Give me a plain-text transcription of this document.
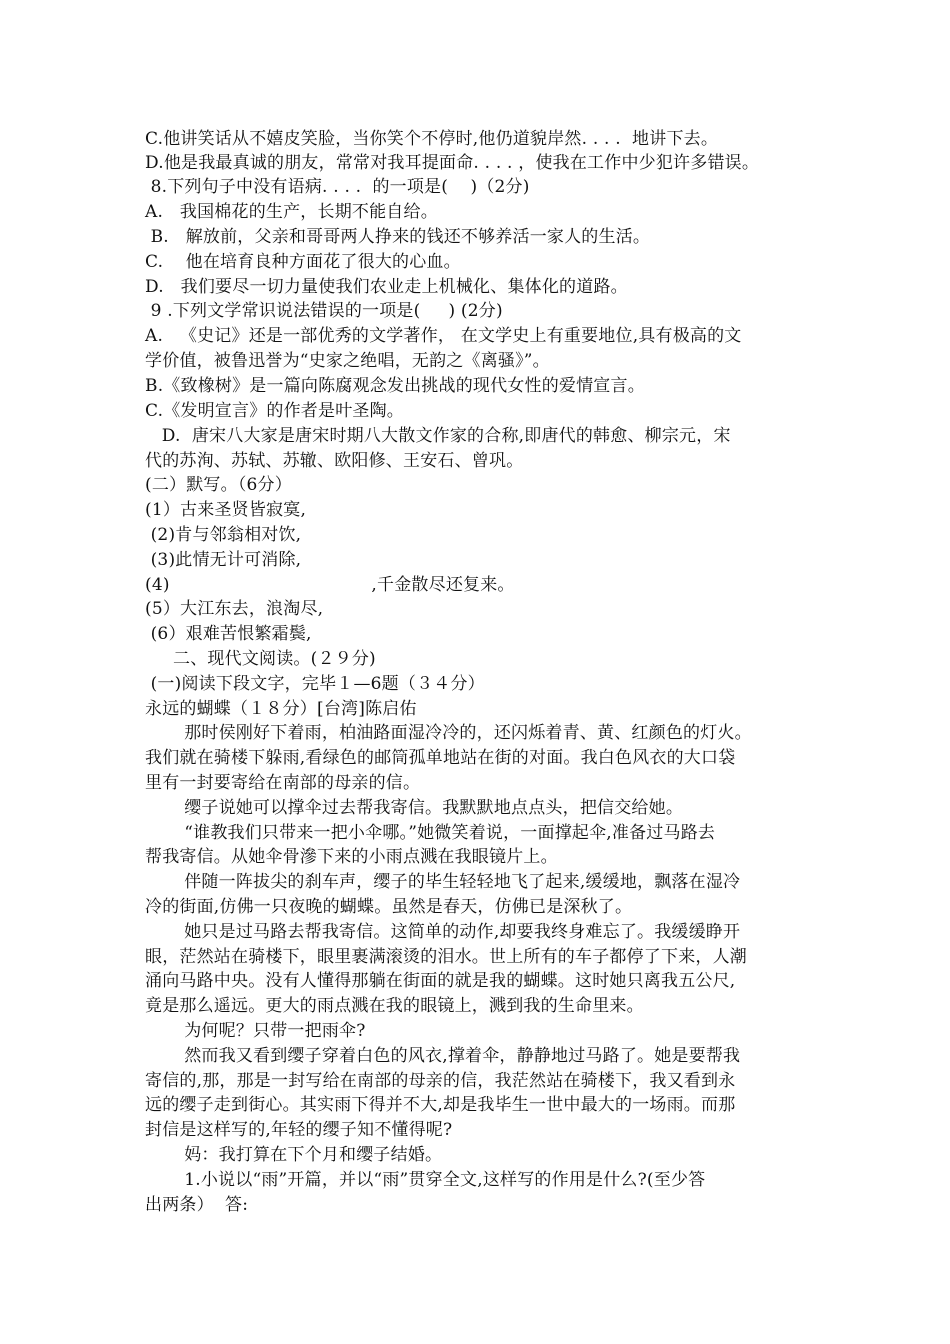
C.他讲笑话从不嬉皮笑脸，当你笑个不停时,他仍道貌岸然. . . .  地讲下去。
D.他是我最真诚的朋友，常常对我耳提面命. . . . ，使我在工作中少犯许多错误。
8.下列句子中没有语病. . . .  的一项是(    )（2分)
A.   我国棉花的生产，长期不能自给。
B.   解放前，父亲和哥哥两人挣来的钱还不够养活一家人的生活。
C.    他在培育良种方面花了很大的心血。
D.   我们要尽一切力量使我们农业走上机械化、集体化的道路。
9 .下列文学常识说法错误的一项是(     ) (2分)
A.   《史记》还是一部优秀的文学著作， 在文学史上有重要地位,具有极高的文
学价值，被鲁迅誉为“史家之绝唱，无韵之《离骚》”。
B.《致橡树》是一篇向陈腐观念发出挑战的现代女性的爱情宣言。
C.《发明宣言》的作者是叶圣陶。
D.  唐宋八大家是唐宋时期八大散文作家的合称,即唐代的韩愈、柳宗元，宋
代的苏洵、苏轼、苏辙、欧阳修、王安石、曾巩。
(二）默写。（6分）
(1）古来圣贤皆寂寞,
(2)肯与邻翁相对饮,
(3)此情无计可消除,
(4)                                    ,千金散尽还复来。
(5）大江东去，浪淘尽,
(6）艰难苦恨繁霜鬓,
二、现代文阅读。(２９分)
(一)阅读下段文字，完毕１—6题（３４分）
永远的蝴蝶（１８分）[台湾]陈启佑
那时侯刚好下着雨，柏油路面湿冷冷的，还闪烁着青、黄、红颜色的灯火。
我们就在骑楼下躲雨,看绿色的邮筒孤单地站在街的对面。我白色风衣的大口袋
里有一封要寄给在南部的母亲的信。
缨子说她可以撑伞过去帮我寄信。我默默地点点头，把信交给她。
“谁教我们只带来一把小伞哪。”她微笑着说，一面撑起伞,准备过马路去
帮我寄信。从她伞骨滲下来的小雨点溅在我眼镜片上。
伴随一阵拔尖的刹车声，缨子的毕生轻轻地飞了起来,缓缓地，飘落在湿冷
冷的街面,仿佛一只夜晚的蝴蝶。虽然是春天，仿佛已是深秋了。
她只是过马路去帮我寄信。这简单的动作,却要我终身难忘了。我缓缓睁开
眼，茫然站在骑楼下，眼里裹满滚烫的泪水。世上所有的车子都停了下来，人潮
涌向马路中央。没有人懂得那躺在街面的就是我的蝴蝶。这时她只离我五公尺,
竟是那么遥远。更大的雨点溅在我的眼镜上，溅到我的生命里来。
为何呢？只带一把雨伞?
然而我又看到缨子穿着白色的风衣,撑着伞，静静地过马路了。她是要帮我
寄信的,那，那是一封写给在南部的母亲的信，我茫然站在骑楼下，我又看到永
远的缨子走到街心。其实雨下得并不大,却是我毕生一世中最大的一场雨。而那
封信是这样写的,年轻的缨子知不懂得呢?
妈：我打算在下个月和缨子结婚。
1.小说以“雨”开篇，并以“雨”贯穿全文,这样写的作用是什么?(至少答
出两条）  答:
